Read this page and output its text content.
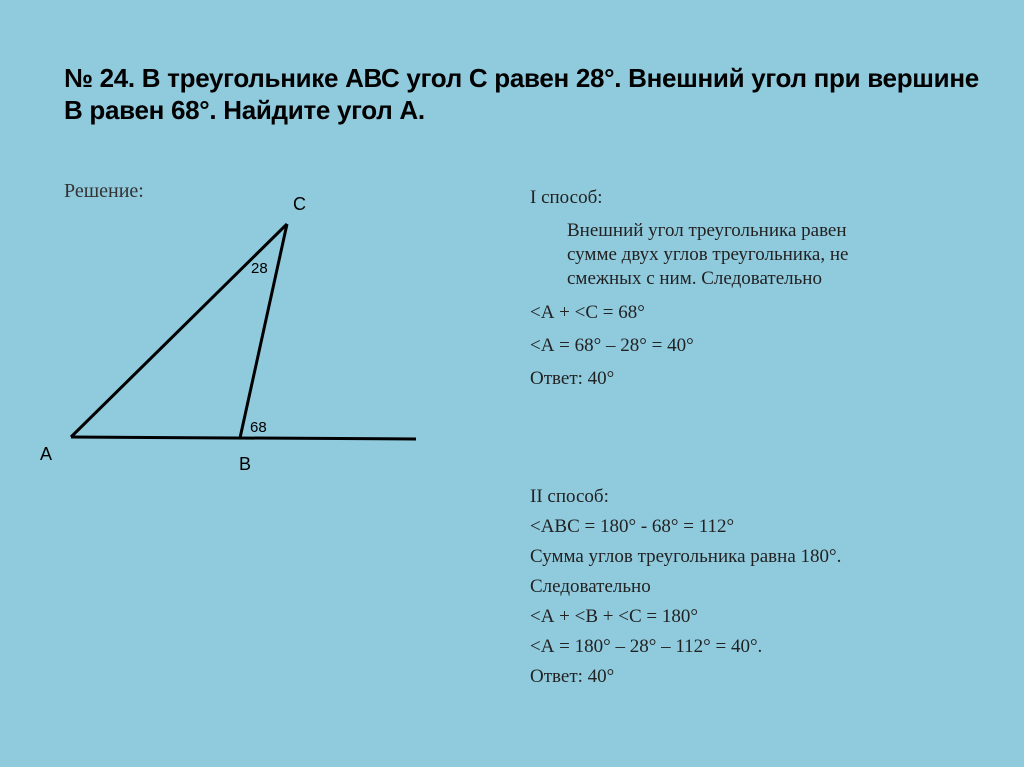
№ 24. В треугольнике АВС угол С равен 28°. Внешний угол при вершине
В равен 68°. Найдите угол А.
Решение:
С
28
68
А	В
I способ:
Внешний угол треугольника равен
сумме двух углов треугольника, не
смежных с ним. Следовательно
<А + <С = 68°
<А = 68° – 28° = 40°
Ответ: 40°
II способ:
<АВС = 180° - 68° = 112°
Сумма углов треугольника равна 180°.
Следовательно
<А + <В + <С = 180°
<А = 180° – 28° – 112° = 40°.
Ответ: 40°
